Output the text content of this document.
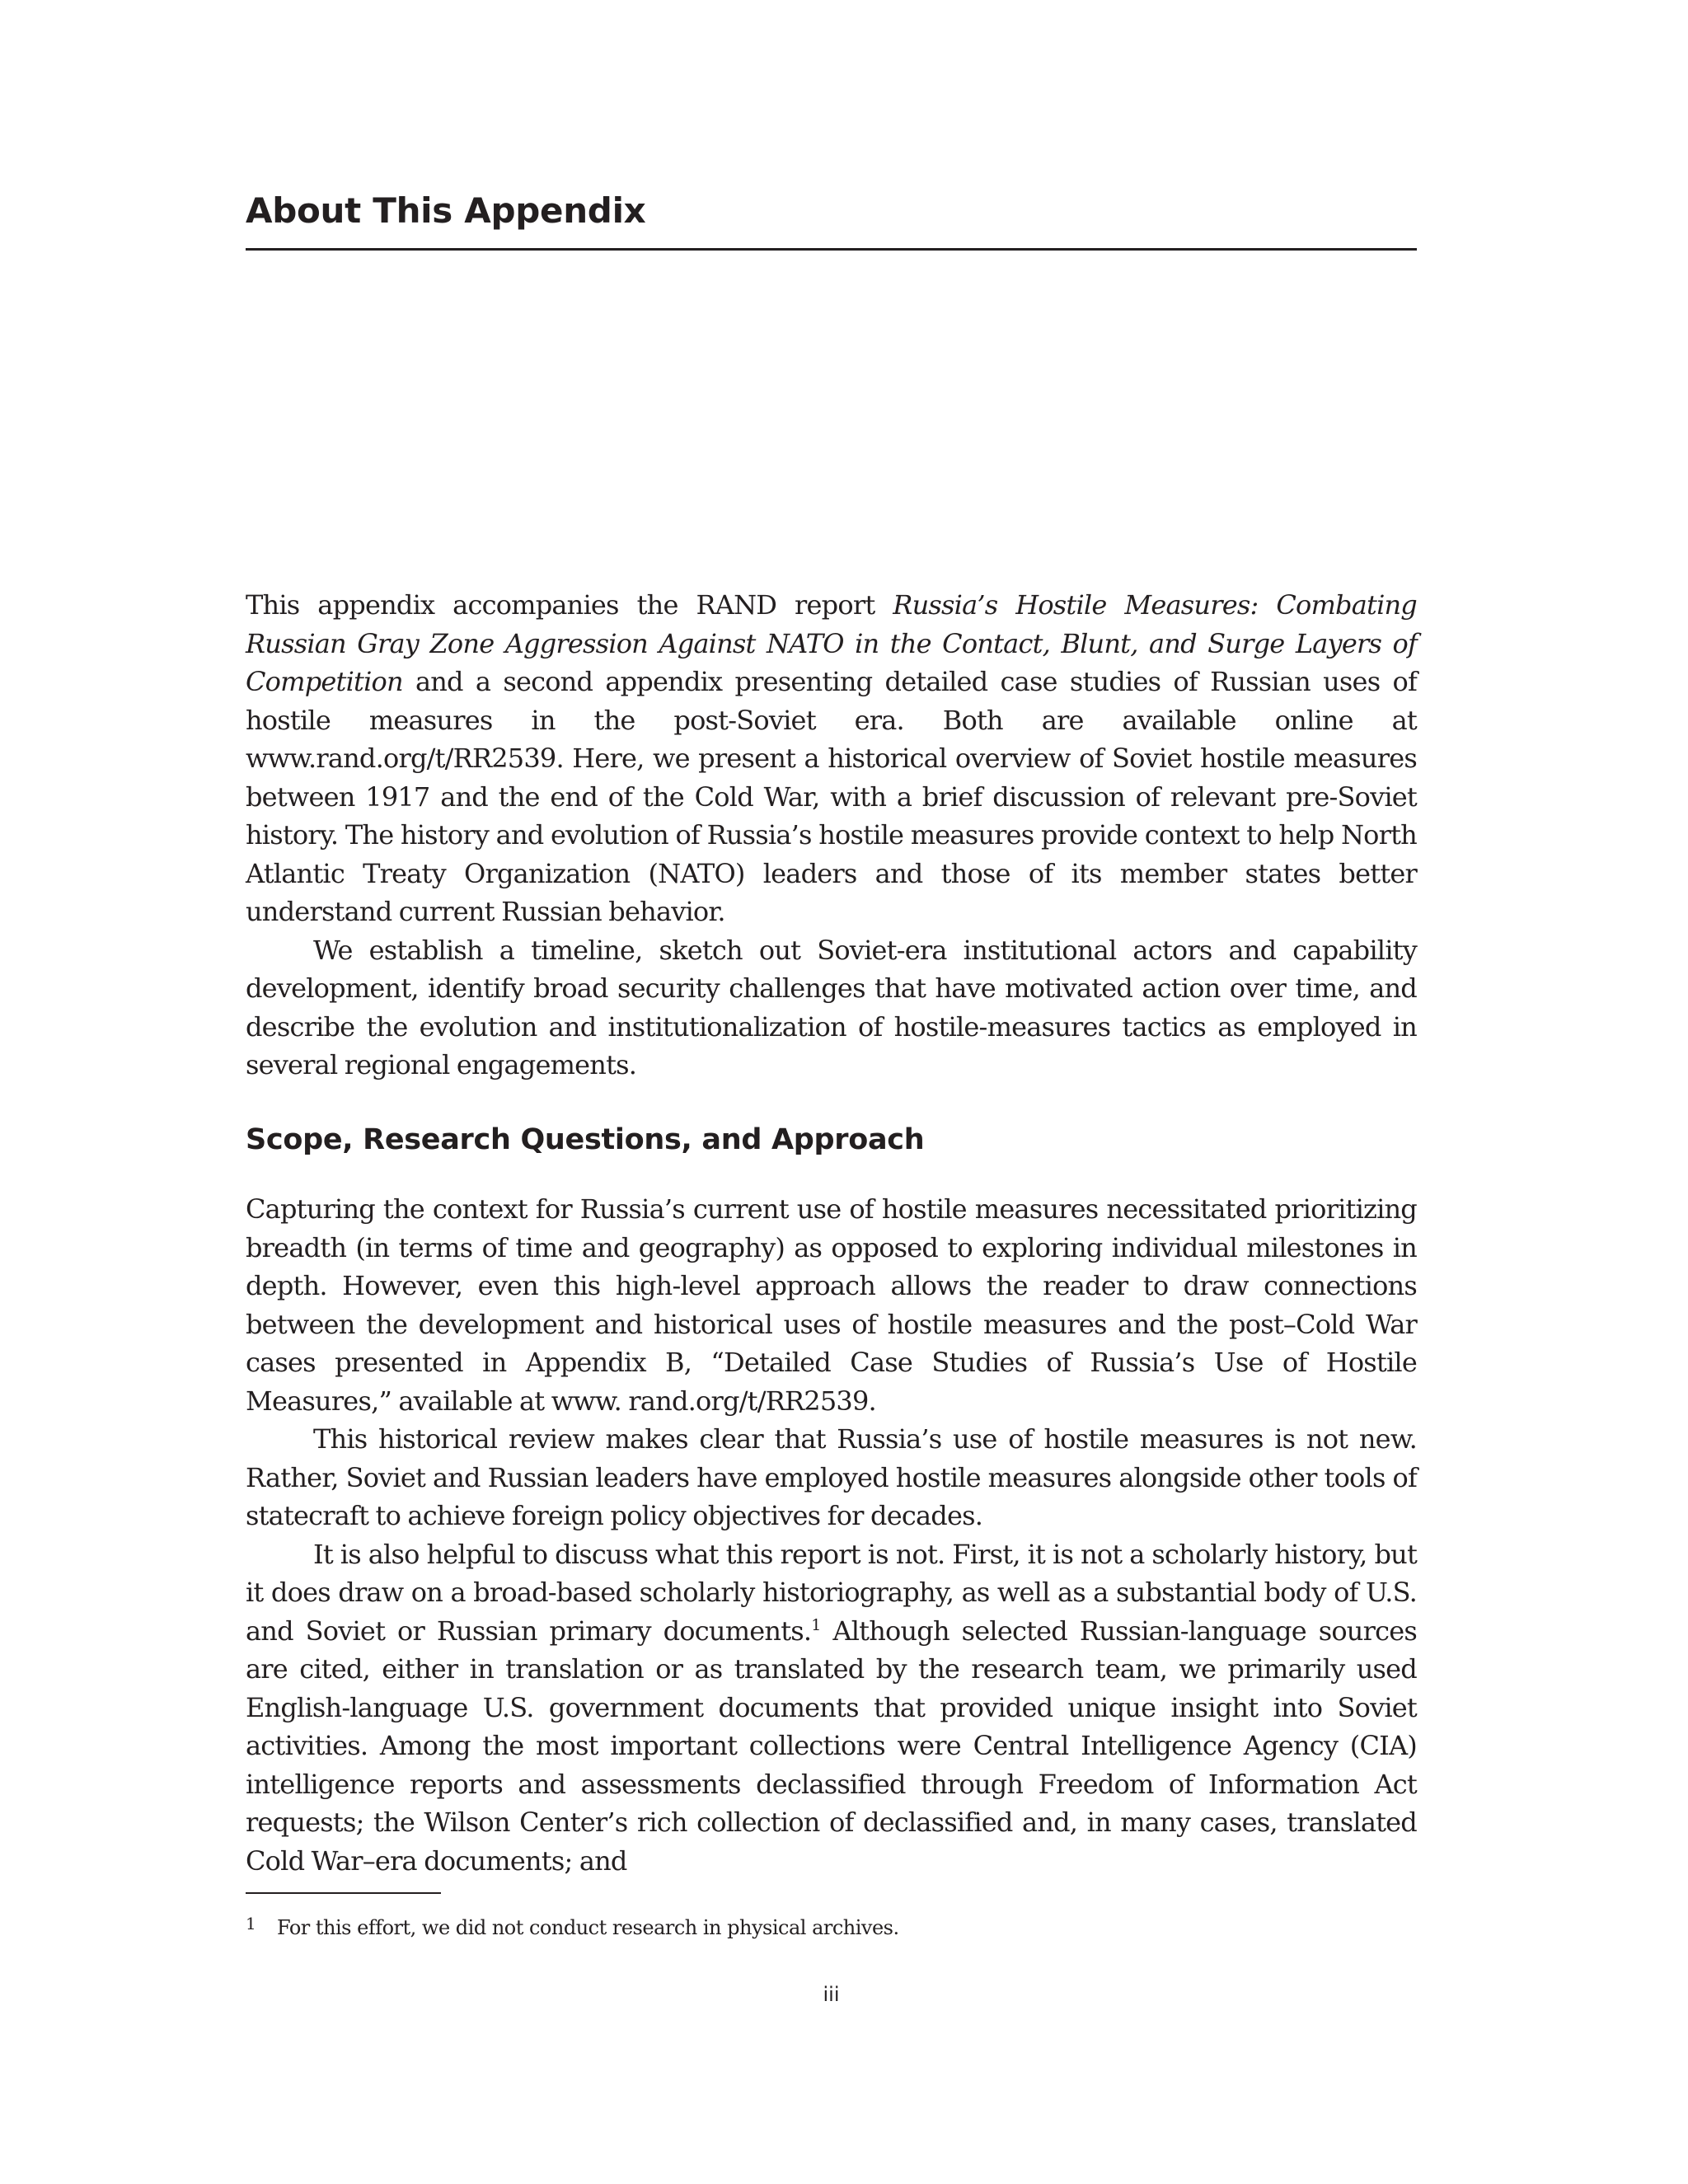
About This Appendix

This appendix accompanies the RAND report Russia’s Hostile Measures: Combating Russian Gray Zone Aggression Against NATO in the Contact, Blunt, and Surge Layers of Competition and a second appendix presenting detailed case studies of Russian uses of hostile measures in the post-Soviet era. Both are available online at www.rand.org/t/RR2539. Here, we present a historical overview of Soviet hostile measures between 1917 and the end of the Cold War, with a brief discussion of relevant pre-Soviet history. The history and evolution of Russia’s hostile measures provide context to help North Atlantic Treaty Organization (NATO) leaders and those of its member states better understand current Russian behavior.

We establish a timeline, sketch out Soviet-era institutional actors and capability development, identify broad security challenges that have motivated action over time, and describe the evolution and institutionalization of hostile-measures tactics as employed in several regional engagements.

Scope, Research Questions, and Approach

Capturing the context for Russia’s current use of hostile measures necessitated prioritizing breadth (in terms of time and geography) as opposed to exploring individual milestones in depth. However, even this high-level approach allows the reader to draw connections between the development and historical uses of hostile measures and the post–Cold War cases presented in Appendix B, “Detailed Case Studies of Russia’s Use of Hostile Measures,” available at www. rand.org/t/RR2539.

This historical review makes clear that Russia’s use of hostile measures is not new. Rather, Soviet and Russian leaders have employed hostile measures alongside other tools of statecraft to achieve foreign policy objectives for decades.

It is also helpful to discuss what this report is not. First, it is not a scholarly history, but it does draw on a broad-based scholarly historiography, as well as a substantial body of U.S. and Soviet or Russian primary documents.$^1$ Although selected Russian-language sources are cited, either in translation or as translated by the research team, we primarily used English-language U.S. government documents that provided unique insight into Soviet activities. Among the most important collections were Central Intelligence Agency (CIA) intelligence reports and assessments declassified through Freedom of Information Act requests; the Wilson Center’s rich collection of declassified and, in many cases, translated Cold War–era documents; and

1 For this effort, we did not conduct research in physical archives.
iii
